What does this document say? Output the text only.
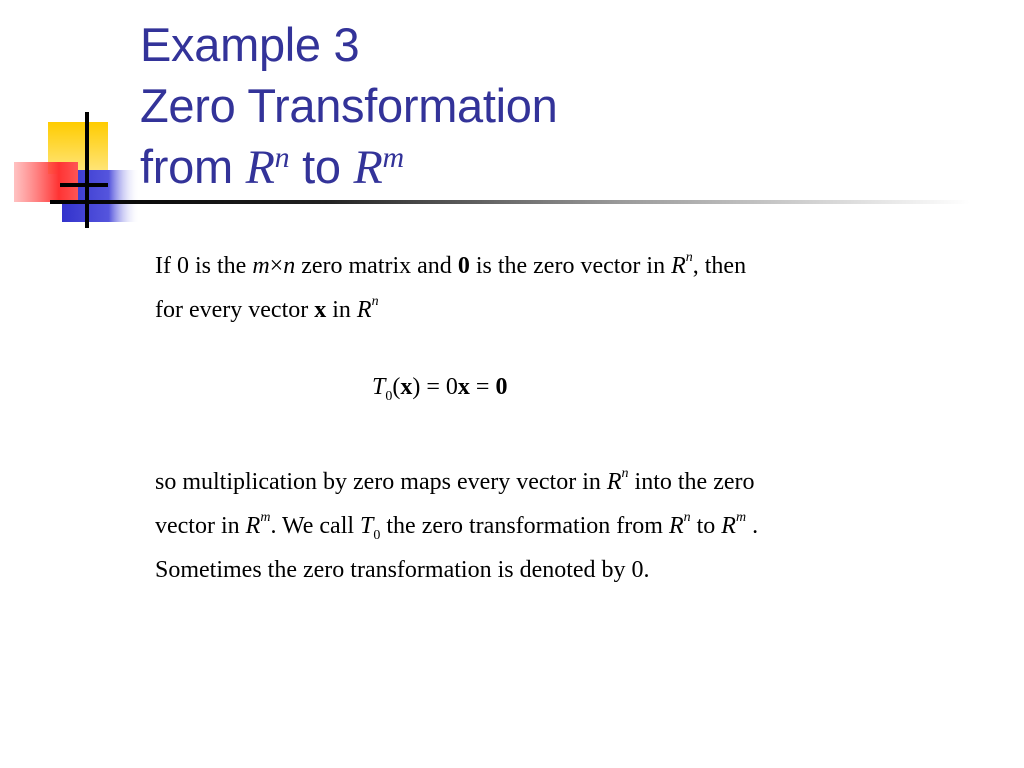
Example 3
Zero Transformation
from $R^n$ to $R^m$
If 0 is the m×n zero matrix and 0 is the zero vector in $R^n$, then
for every vector x in $R^n$
$T_0(x) = 0x = 0$
so multiplication by zero maps every vector in $R^n$ into the zero
vector in $R^m$. We call $T_0$ the zero transformation from $R^n$ to $R^m$ .
Sometimes the zero transformation is denoted by 0.
